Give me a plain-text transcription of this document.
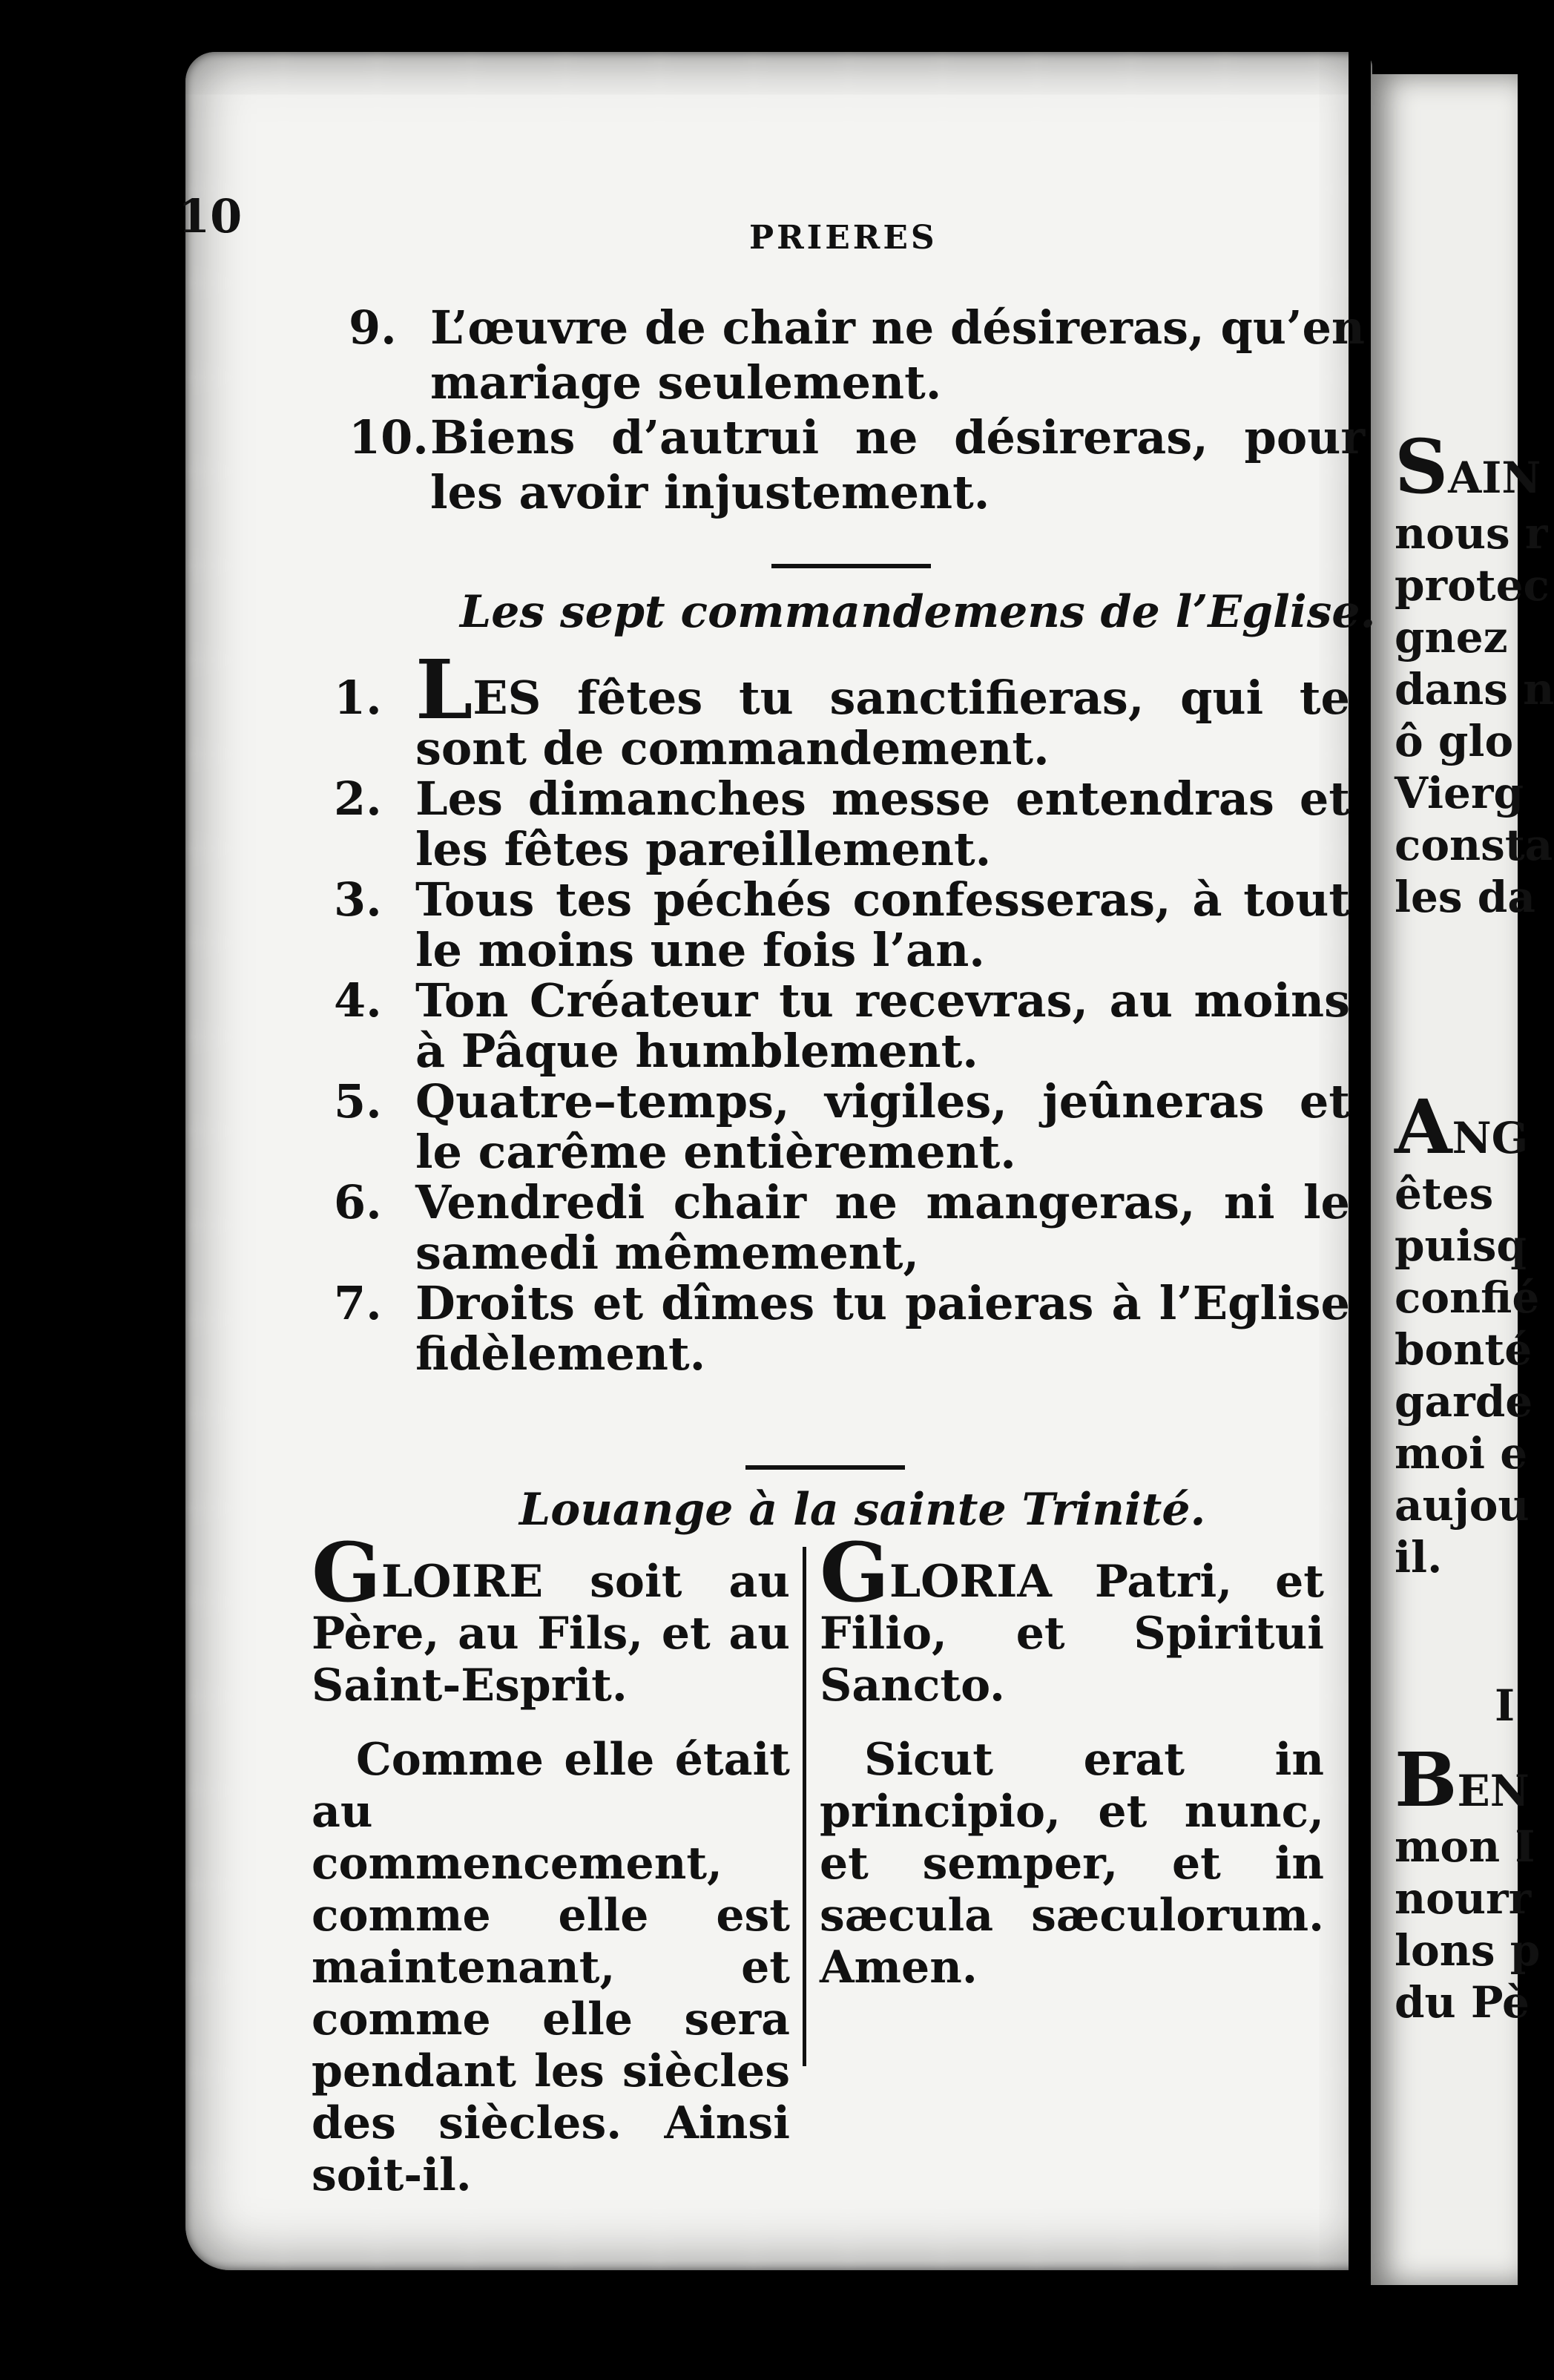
10	PRIERES

9. L’œuvre de chair ne désireras, qu’en mariage seulement.

10.Biens d’autrui ne désireras, pour les avoir injustement.

Les sept commandemens de l’Eglise.

1. LES fêtes tu sanctifieras, qui te sont de commandement.

2. Les dimanches messe entendras et les fêtes pareillement.

3. Tous tes péchés confesseras, à tout le moins une fois l’an.

4. Ton Créateur tu recevras, au moins à Pâque humblement.

5. Quatre–temps, vigiles, jeûneras et le carême entièrement.

6. Vendredi chair ne mangeras, ni le samedi mêmement,

7. Droits et dîmes tu paieras à l’Eglise fidèlement.

Louange à la sainte Trinité.

GLOIRE soit au Père, au Fils, et au Saint-Esprit.

Comme elle était au commencement, comme elle est maintenant, et comme elle sera pendant les siècles des siècles. Ainsi soit-il.

GLORIA Patri, et Filio, et Spiritui Sancto.

Sicut erat in principio, et nunc, et semper, et in sæcula sæculorum. Amen.

SAIN
nous r
protec
gnez
dans n
ô glo
Vierg
consta
les da
ANG
êtes
puisq
confié
bonté
garde
moi e
aujou
il.
I
BEN
mon I
nourr
lons p
du Pè
